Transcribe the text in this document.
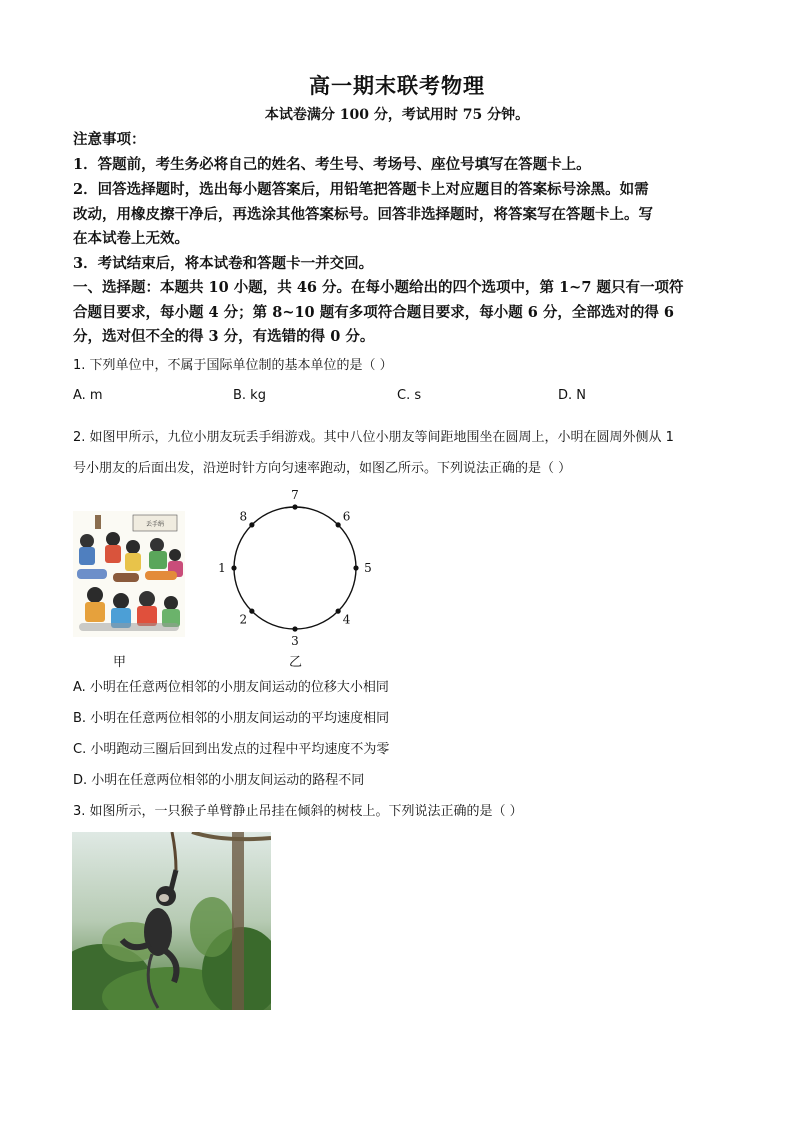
高一期末联考物理
本试卷满分 100 分，考试用时 75 分钟。
注意事项：
1．答题前，考生务必将自己的姓名、考生号、考场号、座位号填写在答题卡上。
2．回答选择题时，选出每小题答案后，用铅笔把答题卡上对应题目的答案标号涂黑。如需
改动，用橡皮擦干净后，再选涂其他答案标号。回答非选择题时，将答案写在答题卡上。写
在本试卷上无效。
3．考试结束后，将本试卷和答题卡一并交回。
一、选择题：本题共 10 小题，共 46 分。在每小题给出的四个选项中，第 1~7 题只有一项符
合题目要求，每小题 4 分；第 8~10 题有多项符合题目要求，每小题 6 分，全部选对的得 6
分，选对但不全的得 3 分，有选错的得 0 分。
1. 下列单位中，不属于国际单位制的基本单位的是（ ）
A. m	B. kg	C. s	D. N
2. 如图甲所示，九位小朋友玩丢手绢游戏。其中八位小朋友等间距地围坐在圆周上，小明在圆周外侧从 1
号小朋友的后面出发，沿逆时针方向匀速率跑动，如图乙所示。下列说法正确的是（ ）
丢手绢
甲
1
2
3
4
5
6
7
8
乙
A. 小明在任意两位相邻的小朋友间运动的位移大小相同
B. 小明在任意两位相邻的小朋友间运动的平均速度相同
C. 小明跑动三圈后回到出发点的过程中平均速度不为零
D. 小明在任意两位相邻的小朋友间运动的路程不同
3. 如图所示，一只猴子单臂静止吊挂在倾斜的树枝上。下列说法正确的是（ ）
